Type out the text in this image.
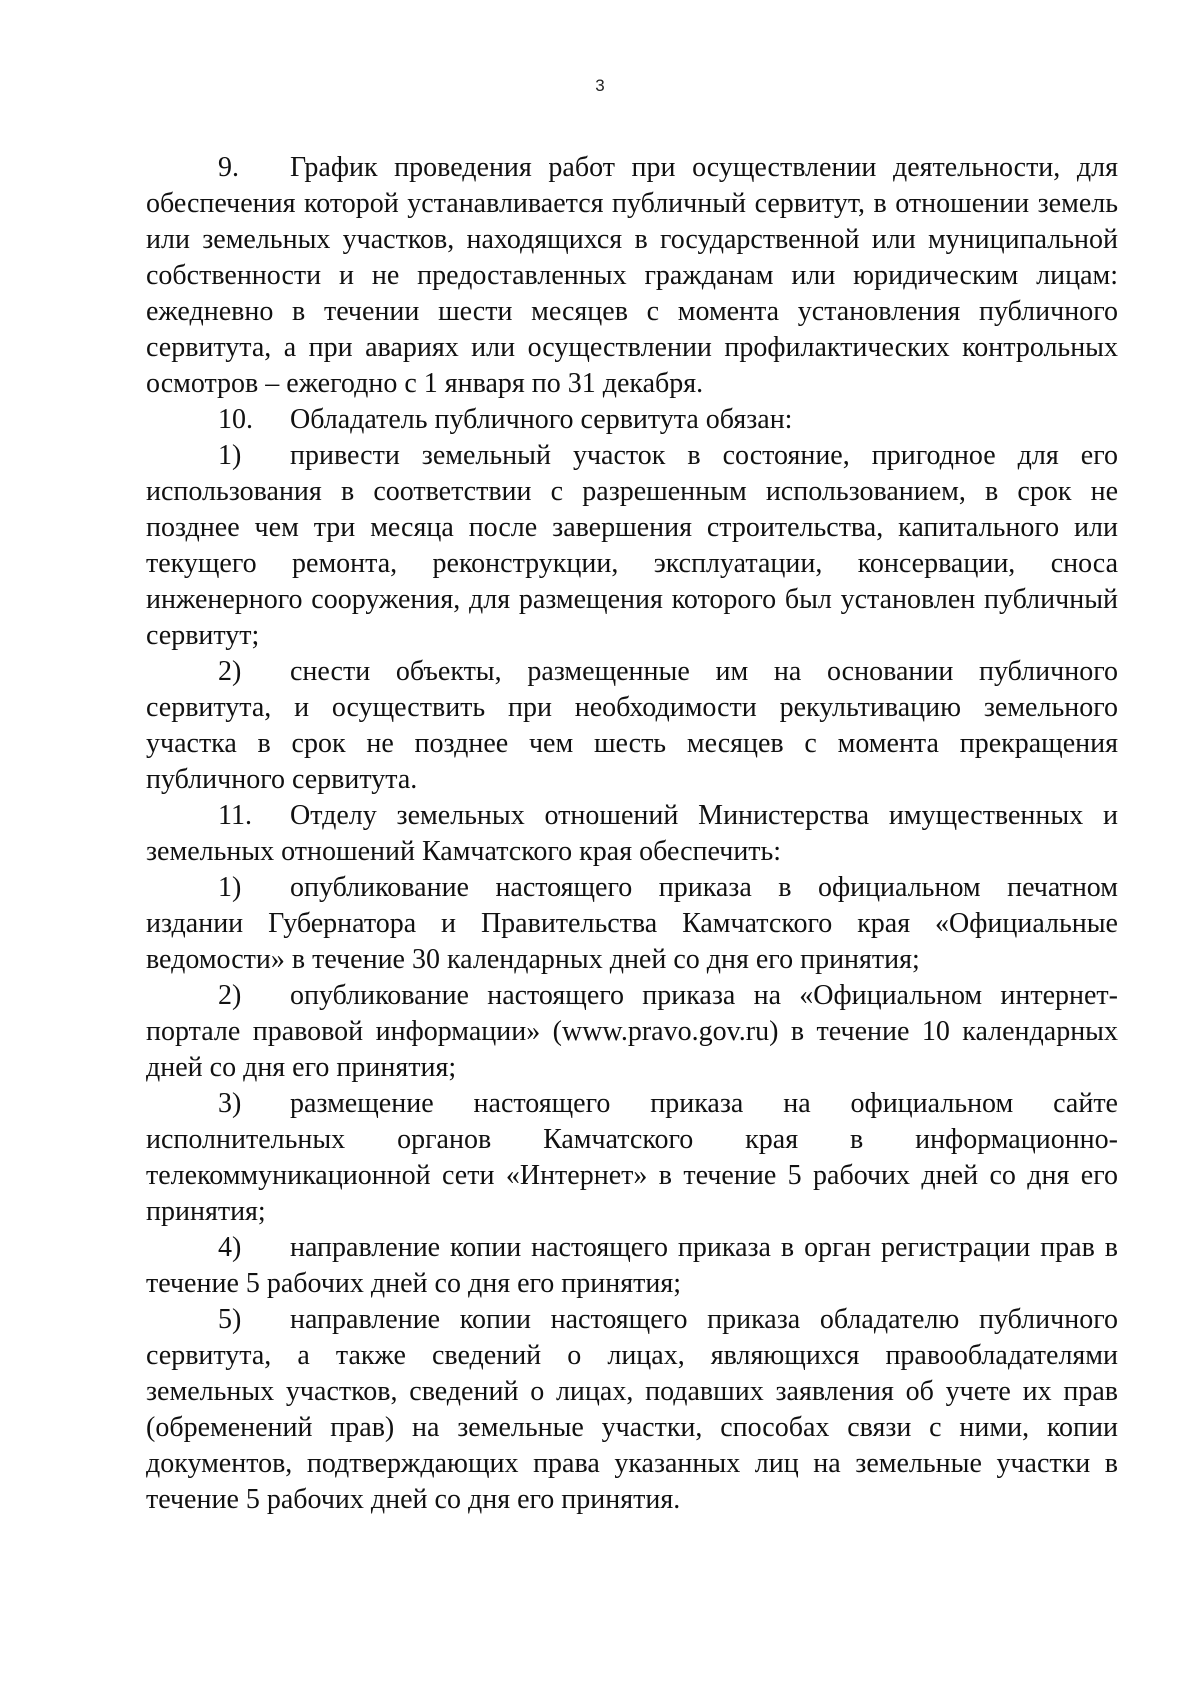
3

9. График проведения работ при осуществлении деятельности, для обеспечения которой устанавливается публичный сервитут, в отношении земель или земельных участков, находящихся в государственной или муниципальной собственности и не предоставленных гражданам или юридическим лицам: ежедневно в течении шести месяцев с момента установления публичного сервитута, а при авариях или осуществлении профилактических контрольных осмотров – ежегодно с 1 января по 31 декабря.

10. Обладатель публичного сервитута обязан:

1) привести земельный участок в состояние, пригодное для его использования в соответствии с разрешенным использованием, в срок не позднее чем три месяца после завершения строительства, капитального или текущего ремонта, реконструкции, эксплуатации, консервации, сноса инженерного сооружения, для размещения которого был установлен публичный сервитут;

2) снести объекты, размещенные им на основании публичного сервитута, и осуществить при необходимости рекультивацию земельного участка в срок не позднее чем шесть месяцев с момента прекращения публичного сервитута.

11. Отделу земельных отношений Министерства имущественных и земельных отношений Камчатского края обеспечить:

1) опубликование настоящего приказа в официальном печатном издании Губернатора и Правительства Камчатского края «Официальные ведомости» в течение 30 календарных дней со дня его принятия;

2) опубликование настоящего приказа на «Официальном интернет-портале правовой информации» (www.pravo.gov.ru) в течение 10 календарных дней со дня его принятия;

3) размещение настоящего приказа на официальном сайте исполнительных органов Камчатского края в информационно-телекоммуникационной сети «Интернет» в течение 5 рабочих дней со дня его принятия;

4) направление копии настоящего приказа в орган регистрации прав в течение 5 рабочих дней со дня его принятия;

5) направление копии настоящего приказа обладателю публичного сервитута, а также сведений о лицах, являющихся правообладателями земельных участков, сведений о лицах, подавших заявления об учете их прав (обременений прав) на земельные участки, способах связи с ними, копии документов, подтверждающих права указанных лиц на земельные участки в течение 5 рабочих дней со дня его принятия.
